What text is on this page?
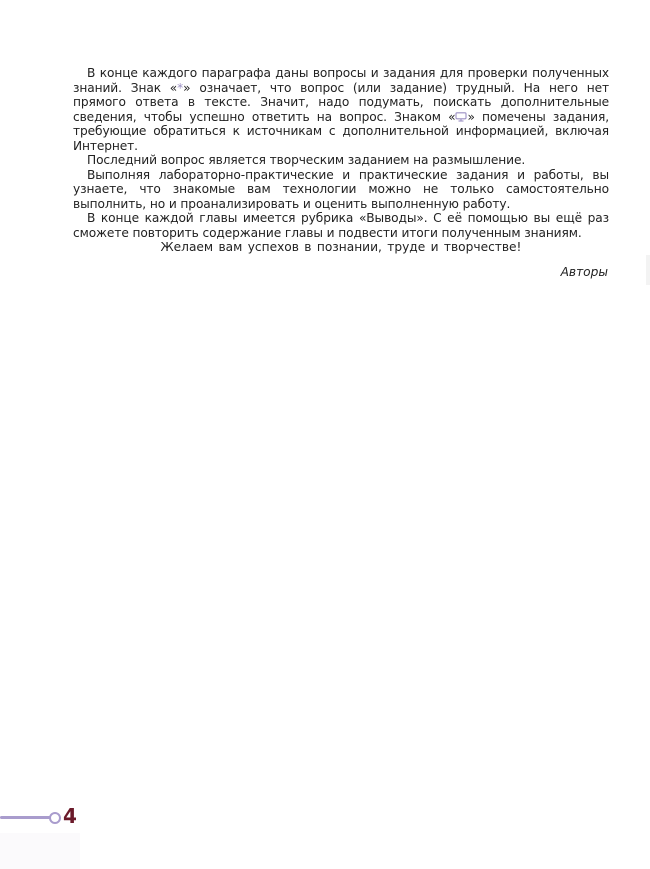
В конце каждого параграфа даны вопросы и задания для проверки полученных знаний. Знак «*» означает, что вопрос (или задание) трудный. На него нет прямого ответа в тексте. Значит, надо подумать, поискать дополнительные сведения, чтобы успешно ответить на вопрос. Знаком « » помечены задания, требующие обратиться к источникам с дополнительной информацией, включая Интернет.

Последний вопрос является творческим заданием на размышление.

Выполняя лабораторно-практические и практические задания и работы, вы узнаете, что знакомые вам технологии можно не только самостоятельно выполнить, но и проанализировать и оценить выполненную работу.

В конце каждой главы имеется рубрика «Выводы». С её помощью вы ещё раз сможете повторить содержание главы и подвести итоги полученным знаниям.

Желаем вам успехов в познании, труде и творчестве!
Авторы
4
